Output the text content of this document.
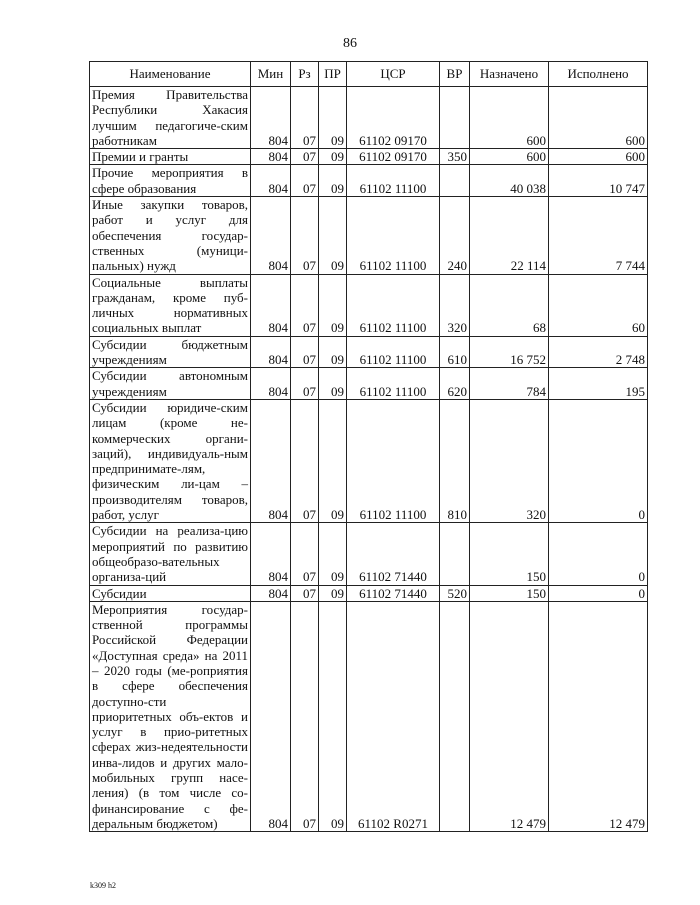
86
Наименование	Мин	Рз	ПР	ЦСР	ВР	Назначено	Исполнено
Премия Правительства Республики Хакасия лучшим педагогиче-ским работникам	804	07	09	61102 09170		600	600
Премии и гранты	804	07	09	61102 09170	350	600	600
Прочие мероприятия в сфере образования	804	07	09	61102 11100		40 038	10 747
Иные закупки товаров, работ и услуг для обеспечения государ-ственных (муници-пальных) нужд	804	07	09	61102 11100	240	22 114	7 744
Социальные выплаты гражданам, кроме пуб-личных нормативных социальных выплат	804	07	09	61102 11100	320	68	60
Субсидии бюджетным учреждениям	804	07	09	61102 11100	610	16 752	2 748
Субсидии автономным учреждениям	804	07	09	61102 11100	620	784	195
Субсидии юридиче-ским лицам (кроме не-коммерческих органи-заций), индивидуаль-ным предпринимате-лям, физическим ли-цам – производителям товаров, работ, услуг	804	07	09	61102 11100	810	320	0
Субсидии на реализа-цию мероприятий по развитию общеобразо-вательных организа-ций	804	07	09	61102 71440		150	0
Субсидии	804	07	09	61102 71440	520	150	0
Мероприятия государ-ственной программы Российской Федерации «Доступная среда» на 2011 – 2020 годы (ме-роприятия в сфере обеспечения доступно-сти приоритетных объ-ектов и услуг в прио-ритетных сферах жиз-недеятельности инва-лидов и других мало-мобильных групп насе-ления) (в том числе со-финансирование с фе-деральным бюджетом)	804	07	09	61102 R0271		12 479	12 479
k309 h2
